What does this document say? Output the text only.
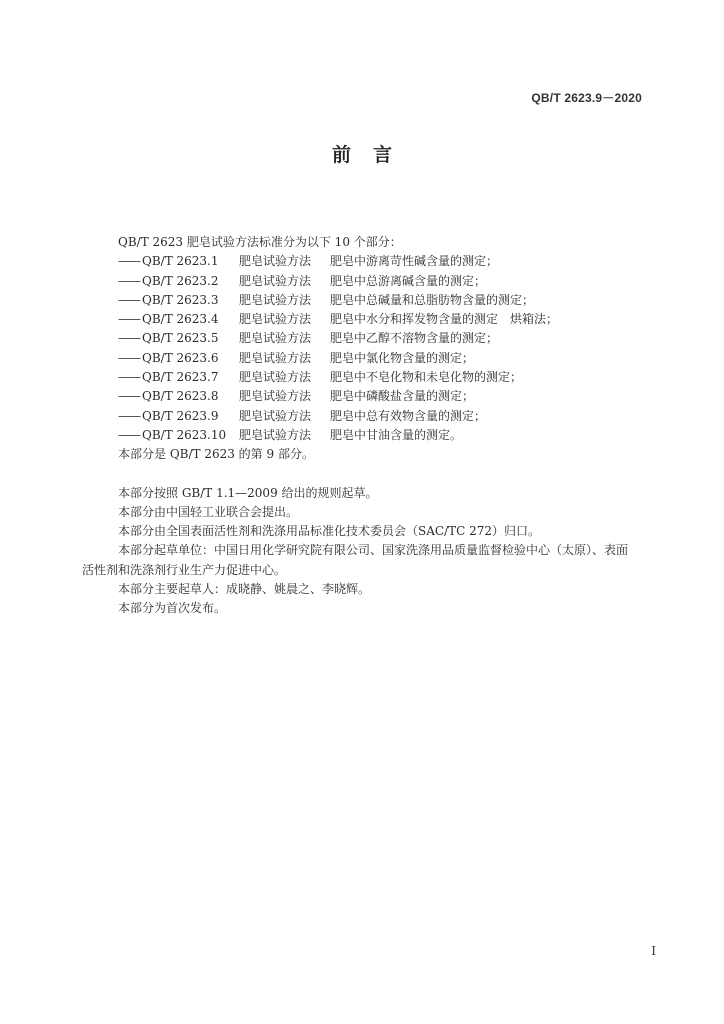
QB/T 2623.9－2020
前言
QB/T 2623 肥皂试验方法标准分为以下 10 个部分：
—— QB/T 2623.1	肥皂试验方法	肥皂中游离苛性碱含量的测定；
—— QB/T 2623.2	肥皂试验方法	肥皂中总游离碱含量的测定；
—— QB/T 2623.3	肥皂试验方法	肥皂中总碱量和总脂肪物含量的测定；
—— QB/T 2623.4	肥皂试验方法	肥皂中水分和挥发物含量的测定　烘箱法；
—— QB/T 2623.5	肥皂试验方法	肥皂中乙醇不溶物含量的测定；
—— QB/T 2623.6	肥皂试验方法	肥皂中氯化物含量的测定；
—— QB/T 2623.7	肥皂试验方法	肥皂中不皂化物和未皂化物的测定；
—— QB/T 2623.8	肥皂试验方法	肥皂中磷酸盐含量的测定；
—— QB/T 2623.9	肥皂试验方法	肥皂中总有效物含量的测定；
—— QB/T 2623.10	肥皂试验方法	肥皂中甘油含量的测定。
本部分是 QB/T 2623 的第 9 部分。
本部分按照 GB/T 1.1—2009 给出的规则起草。
本部分由中国轻工业联合会提出。
本部分由全国表面活性剂和洗涤用品标准化技术委员会（SAC/TC 272）归口。
本部分起草单位：中国日用化学研究院有限公司、国家洗涤用品质量监督检验中心（太原）、表面
活性剂和洗涤剂行业生产力促进中心。
本部分主要起草人：成晓静、姚晨之、李晓辉。
本部分为首次发布。
I
